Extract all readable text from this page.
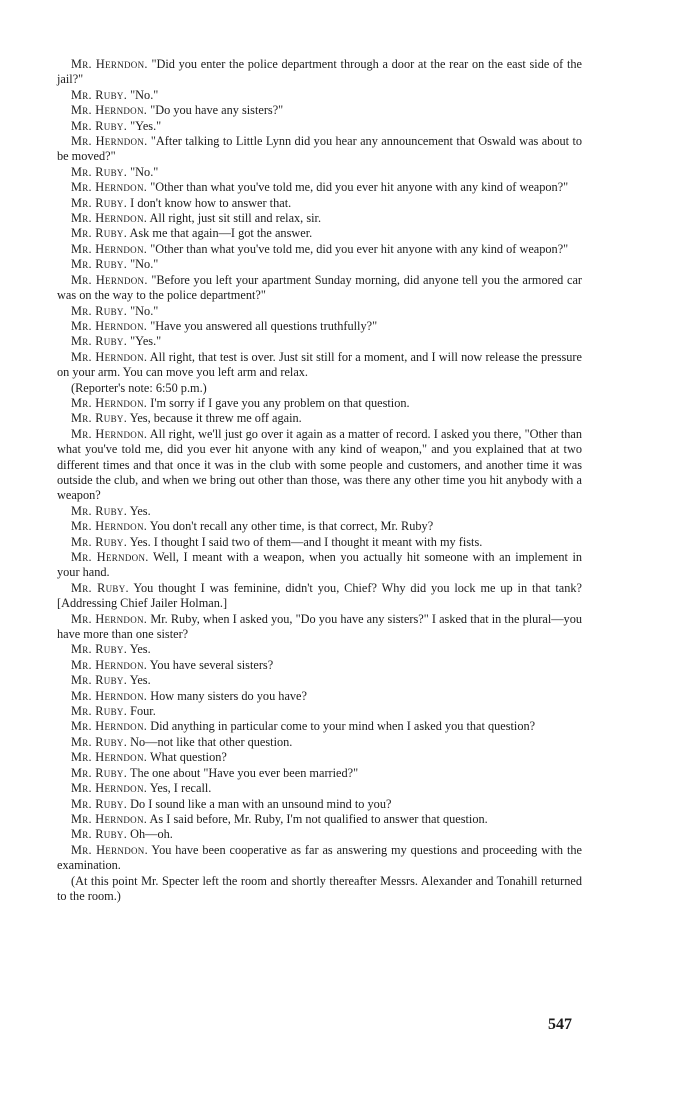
Mr. Herndon. "Did you enter the police department through a door at the rear on the east side of the jail?"

Mr. Ruby. "No."

Mr. Herndon. "Do you have any sisters?"

Mr. Ruby. "Yes."

Mr. Herndon. "After talking to Little Lynn did you hear any announcement that Oswald was about to be moved?"

Mr. Ruby. "No."

Mr. Herndon. "Other than what you've told me, did you ever hit anyone with any kind of weapon?"

Mr. Ruby. I don't know how to answer that.

Mr. Herndon. All right, just sit still and relax, sir.

Mr. Ruby. Ask me that again—I got the answer.

Mr. Herndon. "Other than what you've told me, did you ever hit anyone with any kind of weapon?"

Mr. Ruby. "No."

Mr. Herndon. "Before you left your apartment Sunday morning, did anyone tell you the armored car was on the way to the police department?"

Mr. Ruby. "No."

Mr. Herndon. "Have you answered all questions truthfully?"

Mr. Ruby. "Yes."

Mr. Herndon. All right, that test is over. Just sit still for a moment, and I will now release the pressure on your arm. You can move you left arm and relax.

(Reporter's note: 6:50 p.m.)

Mr. Herndon. I'm sorry if I gave you any problem on that question.

Mr. Ruby. Yes, because it threw me off again.

Mr. Herndon. All right, we'll just go over it again as a matter of record. I asked you there, "Other than what you've told me, did you ever hit anyone with any kind of weapon," and you explained that at two different times and that once it was in the club with some people and customers, and another time it was outside the club, and when we bring out other than those, was there any other time you hit anybody with a weapon?

Mr. Ruby. Yes.

Mr. Herndon. You don't recall any other time, is that correct, Mr. Ruby?

Mr. Ruby. Yes. I thought I said two of them—and I thought it meant with my fists.

Mr. Herndon. Well, I meant with a weapon, when you actually hit someone with an implement in your hand.

Mr. Ruby. You thought I was feminine, didn't you, Chief? Why did you lock me up in that tank? [Addressing Chief Jailer Holman.]

Mr. Herndon. Mr. Ruby, when I asked you, "Do you have any sisters?" I asked that in the plural—you have more than one sister?

Mr. Ruby. Yes.

Mr. Herndon. You have several sisters?

Mr. Ruby. Yes.

Mr. Herndon. How many sisters do you have?

Mr. Ruby. Four.

Mr. Herndon. Did anything in particular come to your mind when I asked you that question?

Mr. Ruby. No—not like that other question.

Mr. Herndon. What question?

Mr. Ruby. The one about "Have you ever been married?"

Mr. Herndon. Yes, I recall.

Mr. Ruby. Do I sound like a man with an unsound mind to you?

Mr. Herndon. As I said before, Mr. Ruby, I'm not qualified to answer that question.

Mr. Ruby. Oh—oh.

Mr. Herndon. You have been cooperative as far as answering my questions and proceeding with the examination.

(At this point Mr. Specter left the room and shortly thereafter Messrs. Alexander and Tonahill returned to the room.)

547
